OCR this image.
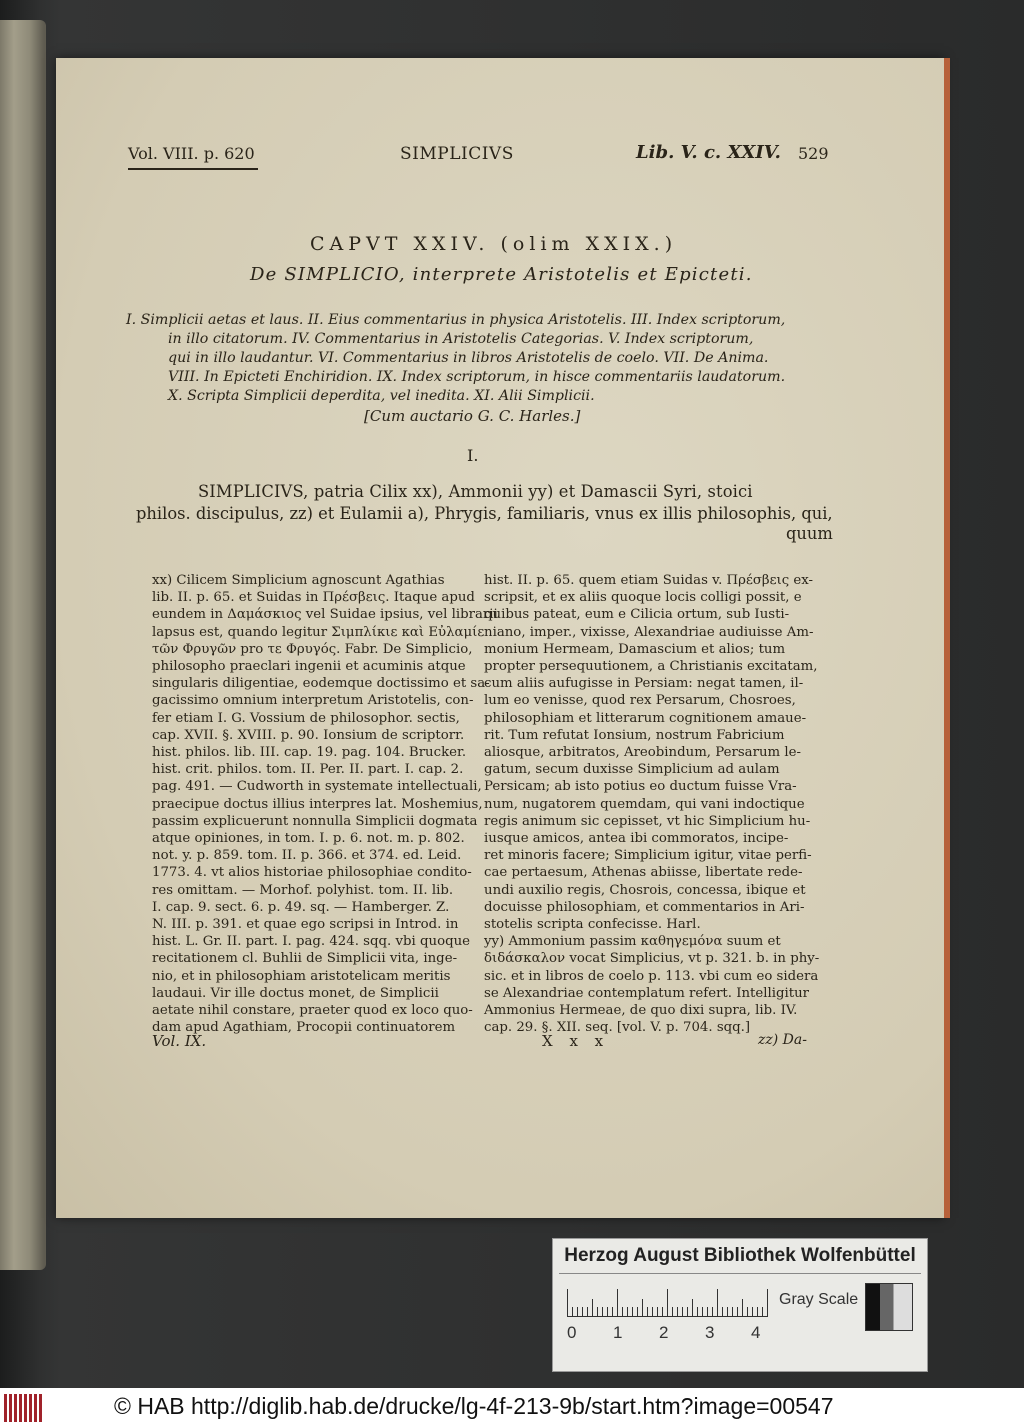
Vol. VIII. p. 620	SIMPLICIVS	Lib. V. c. XXIV. 529
CAPVT XXIV. (olim XXIX.)
De SIMPLICIO, interprete Aristotelis et Epicteti.
I. Simplicii aetas et laus. II. Eius commentarius in physica Aristotelis. III. Index scriptorum,
in illo citatorum. IV. Commentarius in Aristotelis Categorias. V. Index scriptorum,
qui in illo laudantur. VI. Commentarius in libros Aristotelis de coelo. VII. De Anima.
VIII. In Epicteti Enchiridion. IX. Index scriptorum, in hisce commentariis laudatorum.
X. Scripta Simplicii deperdita, vel inedita. XI. Alii Simplicii.
[Cum auctario G. C. Harles.]
I.
SIMPLICIVS, patria Cilix xx), Ammonii yy) et Damascii Syri, stoici
philos. discipulus, zz) et Eulamii a), Phrygis, familiaris, vnus ex illis philosophis, qui,
quum
xx) Cilicem Simplicium agnoscunt Agathias
lib. II. p. 65. et Suidas in Πρέσβεις. Itaque apud
eundem in Δαμάσκιος vel Suidae ipsius, vel librarii
lapsus est, quando legitur Σιμπλίκιε καὶ Εὐλαμίε
τῶν Φρυγῶν pro τε Φρυγός. Fabr. De Simplicio,
philosopho praeclari ingenii et acuminis atque
singularis diligentiae, eodemque doctissimo et sa-
gacissimo omnium interpretum Aristotelis, con-
fer etiam I. G. Vossium de philosophor. sectis,
cap. XVII. §. XVIII. p. 90. Ionsium de scriptorr.
hist. philos. lib. III. cap. 19. pag. 104. Brucker.
hist. crit. philos. tom. II. Per. II. part. I. cap. 2.
pag. 491. — Cudworth in systemate intellectuali,
praecipue doctus illius interpres lat. Moshemius,
passim explicuerunt nonnulla Simplicii dogmata
atque opiniones, in tom. I. p. 6. not. m. p. 802.
not. y. p. 859. tom. II. p. 366. et 374. ed. Leid.
1773. 4. vt alios historiae philosophiae condito-
res omittam. — Morhof. polyhist. tom. II. lib.
I. cap. 9. sect. 6. p. 49. sq. — Hamberger. Z.
N. III. p. 391. et quae ego scripsi in Introd. in
hist. L. Gr. II. part. I. pag. 424. sqq. vbi quoque
recitationem cl. Buhlii de Simplicii vita, inge-
nio, et in philosophiam aristotelicam meritis
laudaui. Vir ille doctus monet, de Simplicii
aetate nihil constare, praeter quod ex loco quo-
dam apud Agathiam, Procopii continuatorem
hist. II. p. 65. quem etiam Suidas v. Πρέσβεις ex-
scripsit, et ex aliis quoque locis colligi possit, e
quibus pateat, eum e Cilicia ortum, sub Iusti-
niano, imper., vixisse, Alexandriae audiuisse Am-
monium Hermeam, Damascium et alios; tum
propter persequutionem, a Christianis excitatam,
cum aliis aufugisse in Persiam: negat tamen, il-
lum eo venisse, quod rex Persarum, Chosroes,
philosophiam et litterarum cognitionem amaue-
rit. Tum refutat Ionsium, nostrum Fabricium
aliosque, arbitratos, Areobindum, Persarum le-
gatum, secum duxisse Simplicium ad aulam
Persicam; ab isto potius eo ductum fuisse Vra-
num, nugatorem quemdam, qui vani indoctique
regis animum sic cepisset, vt hic Simplicium hu-
iusque amicos, antea ibi commoratos, incipe-
ret minoris facere; Simplicium igitur, vitae perfi-
cae pertaesum, Athenas abiisse, libertate rede-
undi auxilio regis, Chosrois, concessa, ibique et
docuisse philosophiam, et commentarios in Ari-
stotelis scripta confecisse. Harl.
yy) Ammonium passim καθηγεμόνα suum et
διδάσκαλον vocat Simplicius, vt p. 321. b. in phy-
sic. et in libros de coelo p. 113. vbi cum eo sidera
se Alexandriae contemplatum refert. Intelligitur
Ammonius Hermeae, de quo dixi supra, lib. IV.
cap. 29. §. XII. seq. [vol. V. p. 704. sqq.]
Vol. IX.	X x x	zz) Da-
Herzog August Bibliothek Wolfenbüttel
0 1 2 3 4
Gray Scale
© HAB http://diglib.hab.de/drucke/lg-4f-213-9b/start.htm?image=00547
